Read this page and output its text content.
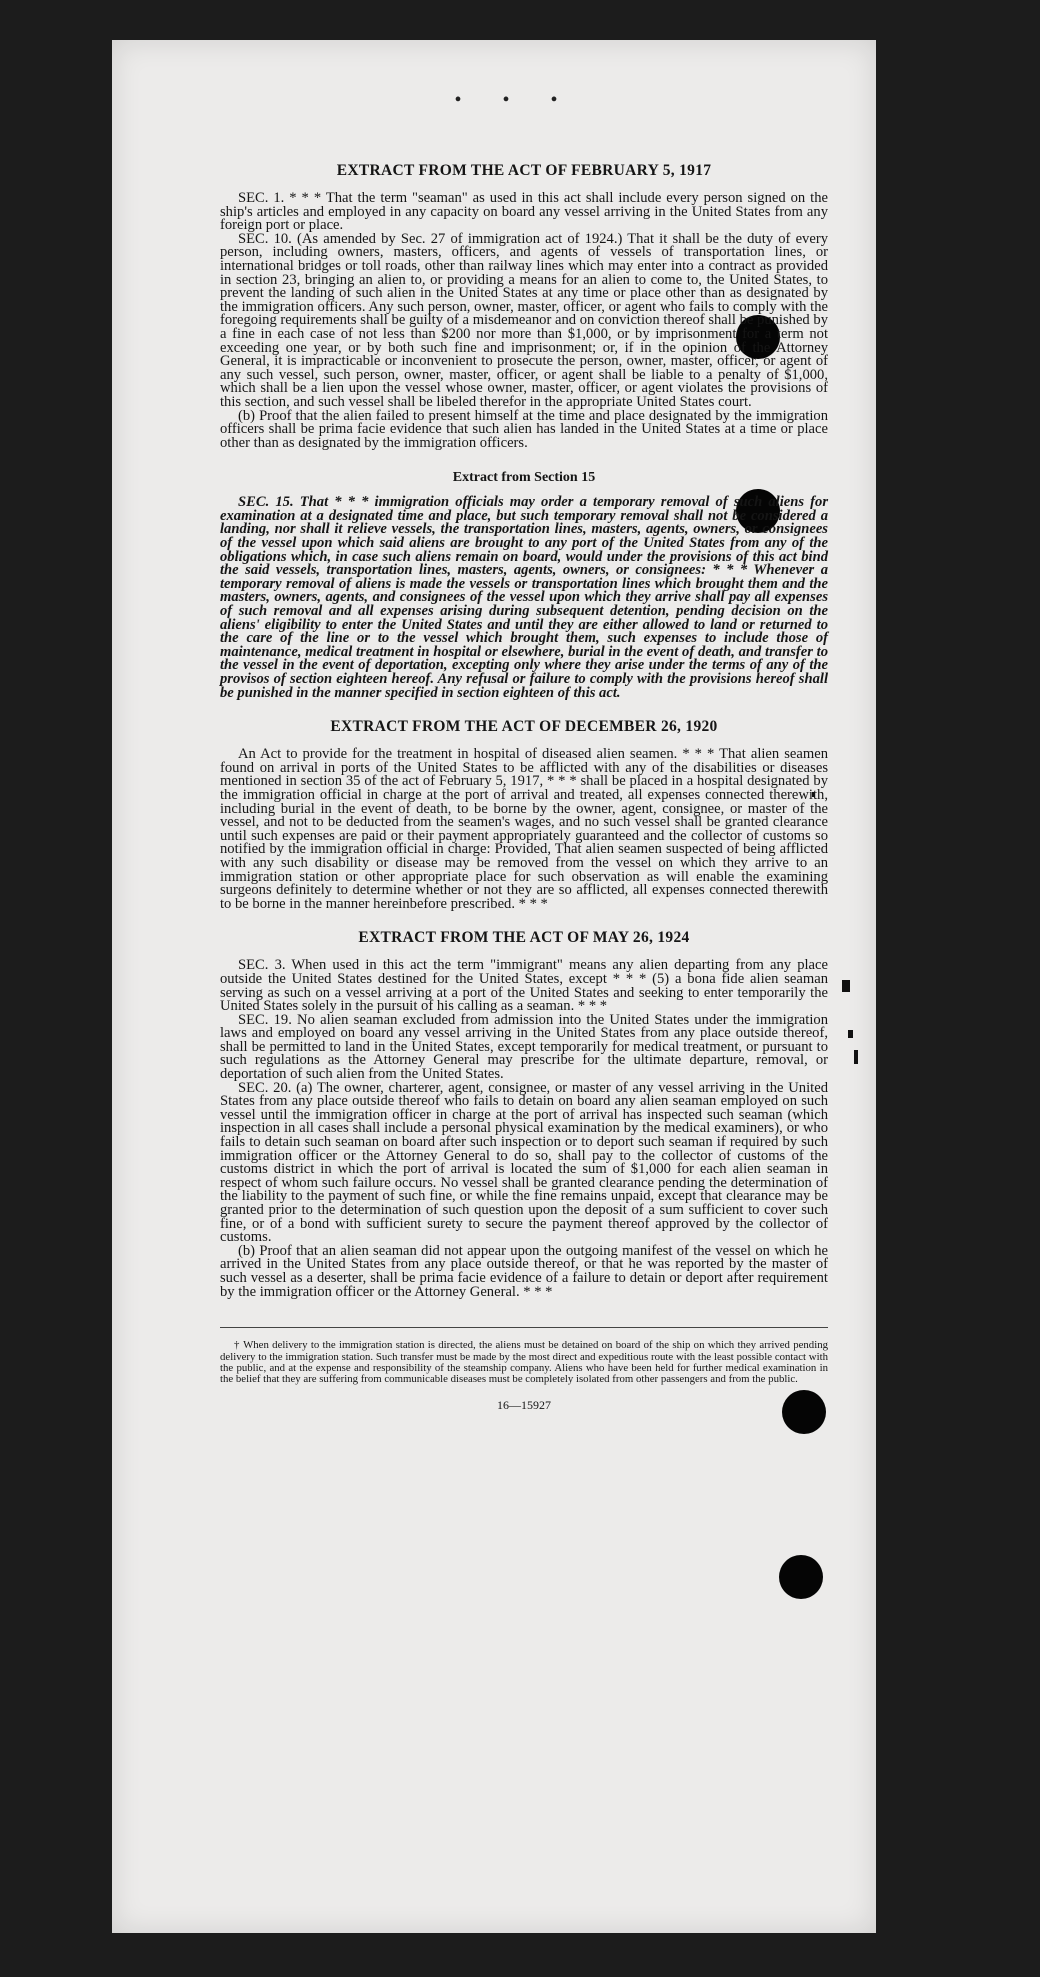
• • •
EXTRACT FROM THE ACT OF FEBRUARY 5, 1917

SEC. 1. * * * That the term "seaman" as used in this act shall include every person signed on the ship's articles and employed in any capacity on board any vessel arriving in the United States from any foreign port or place.

SEC. 10. (As amended by Sec. 27 of immigration act of 1924.) That it shall be the duty of every person, including owners, masters, officers, and agents of vessels of transportation lines, or international bridges or toll roads, other than railway lines which may enter into a contract as provided in section 23, bringing an alien to, or providing a means for an alien to come to, the United States, to prevent the landing of such alien in the United States at any time or place other than as designated by the immigration officers. Any such person, owner, master, officer, or agent who fails to comply with the foregoing requirements shall be guilty of a misdemeanor and on conviction thereof shall be punished by a fine in each case of not less than $200 nor more than $1,000, or by imprisonment for a term not exceeding one year, or by both such fine and imprisonment; or, if in the opinion of the Attorney General, it is impracticable or inconvenient to prosecute the person, owner, master, officer, or agent of any such vessel, such person, owner, master, officer, or agent shall be liable to a penalty of $1,000, which shall be a lien upon the vessel whose owner, master, officer, or agent violates the provisions of this section, and such vessel shall be libeled therefor in the appropriate United States court.

(b) Proof that the alien failed to present himself at the time and place designated by the immigration officers shall be prima facie evidence that such alien has landed in the United States at a time or place other than as designated by the immigration officers.

Extract from Section 15

SEC. 15. That * * * immigration officials may order a temporary removal of such aliens for examination at a designated time and place, but such temporary removal shall not be considered a landing, nor shall it relieve vessels, the transportation lines, masters, agents, owners, or consignees of the vessel upon which said aliens are brought to any port of the United States from any of the obligations which, in case such aliens remain on board, would under the provisions of this act bind the said vessels, transportation lines, masters, agents, owners, or consignees: * * * Whenever a temporary removal of aliens is made the vessels or transportation lines which brought them and the masters, owners, agents, and consignees of the vessel upon which they arrive shall pay all expenses of such removal and all expenses arising during subsequent detention, pending decision on the aliens' eligibility to enter the United States and until they are either allowed to land or returned to the care of the line or to the vessel which brought them, such expenses to include those of maintenance, medical treatment in hospital or elsewhere, burial in the event of death, and transfer to the vessel in the event of deportation, excepting only where they arise under the terms of any of the provisos of section eighteen hereof. Any refusal or failure to comply with the provisions hereof shall be punished in the manner specified in section eighteen of this act.

EXTRACT FROM THE ACT OF DECEMBER 26, 1920

An Act to provide for the treatment in hospital of diseased alien seamen. * * * That alien seamen found on arrival in ports of the United States to be afflicted with any of the disabilities or diseases mentioned in section 35 of the act of February 5, 1917, * * * shall be placed in a hospital designated by the immigration official in charge at the port of arrival and treated, all expenses connected therewith, including burial in the event of death, to be borne by the owner, agent, consignee, or master of the vessel, and not to be deducted from the seamen's wages, and no such vessel shall be granted clearance until such expenses are paid or their payment appropriately guaranteed and the collector of customs so notified by the immigration official in charge: Provided, That alien seamen suspected of being afflicted with any such disability or disease may be removed from the vessel on which they arrive to an immigration station or other appropriate place for such observation as will enable the examining surgeons definitely to determine whether or not they are so afflicted, all expenses connected therewith to be borne in the manner hereinbefore prescribed. * * *

EXTRACT FROM THE ACT OF MAY 26, 1924

SEC. 3. When used in this act the term "immigrant" means any alien departing from any place outside the United States destined for the United States, except * * * (5) a bona fide alien seaman serving as such on a vessel arriving at a port of the United States and seeking to enter temporarily the United States solely in the pursuit of his calling as a seaman. * * *

SEC. 19. No alien seaman excluded from admission into the United States under the immigration laws and employed on board any vessel arriving in the United States from any place outside thereof, shall be permitted to land in the United States, except temporarily for medical treatment, or pursuant to such regulations as the Attorney General may prescribe for the ultimate departure, removal, or deportation of such alien from the United States.

SEC. 20. (a) The owner, charterer, agent, consignee, or master of any vessel arriving in the United States from any place outside thereof who fails to detain on board any alien seaman employed on such vessel until the immigration officer in charge at the port of arrival has inspected such seaman (which inspection in all cases shall include a personal physical examination by the medical examiners), or who fails to detain such seaman on board after such inspection or to deport such seaman if required by such immigration officer or the Attorney General to do so, shall pay to the collector of customs of the customs district in which the port of arrival is located the sum of $1,000 for each alien seaman in respect of whom such failure occurs. No vessel shall be granted clearance pending the determination of the liability to the payment of such fine, or while the fine remains unpaid, except that clearance may be granted prior to the determination of such question upon the deposit of a sum sufficient to cover such fine, or of a bond with sufficient surety to secure the payment thereof approved by the collector of customs.

(b) Proof that an alien seaman did not appear upon the outgoing manifest of the vessel on which he arrived in the United States from any place outside thereof, or that he was reported by the master of such vessel as a deserter, shall be prima facie evidence of a failure to detain or deport after requirement by the immigration officer or the Attorney General. * * *

† When delivery to the immigration station is directed, the aliens must be detained on board of the ship on which they arrived pending delivery to the immigration station. Such transfer must be made by the most direct and expeditious route with the least possible contact with the public, and at the expense and responsibility of the steamship company. Aliens who have been held for further medical examination in the belief that they are suffering from communicable diseases must be completely isolated from other passengers and from the public.

16—15927
